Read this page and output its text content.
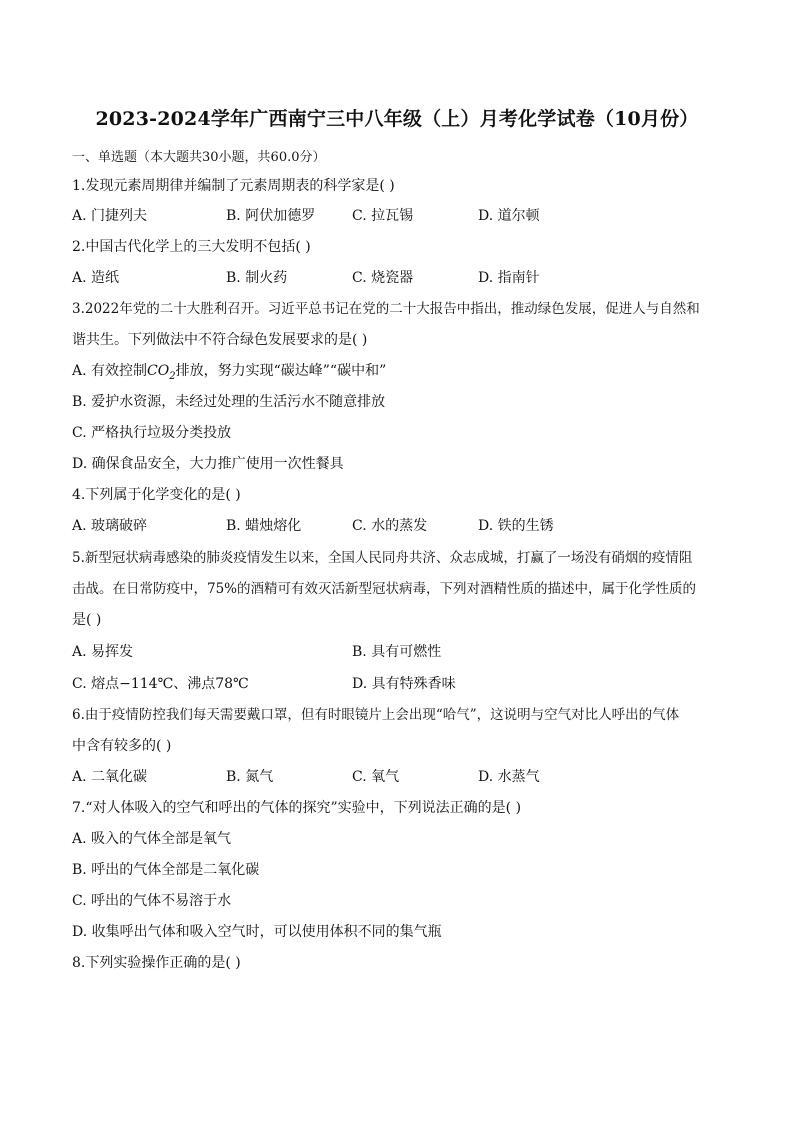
2023-2024学年广西南宁三中八年级（上）月考化学试卷（10月份）
一、单选题（本大题共30小题，共60.0分）
1.发现元素周期律并编制了元素周期表的科学家是( )
A. 门捷列夫	B. 阿伏加德罗	C. 拉瓦锡	D. 道尔顿
2.中国古代化学上的三大发明不包括( )
A. 造纸	B. 制火药	C. 烧瓷器	D. 指南针
3.2022年党的二十大胜利召开。习近平总书记在党的二十大报告中指出，推动绿色发展，促进人与自然和
谐共生。下列做法中不符合绿色发展要求的是( )
A. 有效控制$CO_2$排放，努力实现“碳达峰”“碳中和”
B. 爱护水资源，未经过处理的生活污水不随意排放
C. 严格执行垃圾分类投放
D. 确保食品安全，大力推广使用一次性餐具
4.下列属于化学变化的是( )
A. 玻璃破碎	B. 蜡烛熔化	C. 水的蒸发	D. 铁的生锈
5.新型冠状病毒感染的肺炎疫情发生以来，全国人民同舟共济、众志成城，打赢了一场没有硝烟的疫情阻
击战。在日常防疫中，75%的酒精可有效灭活新型冠状病毒，下列对酒精性质的描述中，属于化学性质的
是( )
A. 易挥发	B. 具有可燃性
C. 熔点−114℃、沸点78℃	D. 具有特殊香味
6.由于疫情防控我们每天需要戴口罩，但有时眼镜片上会出现“哈气”，这说明与空气对比人呼出的气体
中含有较多的( )
A. 二氧化碳	B. 氮气	C. 氧气	D. 水蒸气
7.“对人体吸入的空气和呼出的气体的探究”实验中，下列说法正确的是( )
A. 吸入的气体全部是氧气
B. 呼出的气体全部是二氧化碳
C. 呼出的气体不易溶于水
D. 收集呼出气体和吸入空气时，可以使用体积不同的集气瓶
8.下列实验操作正确的是( )
